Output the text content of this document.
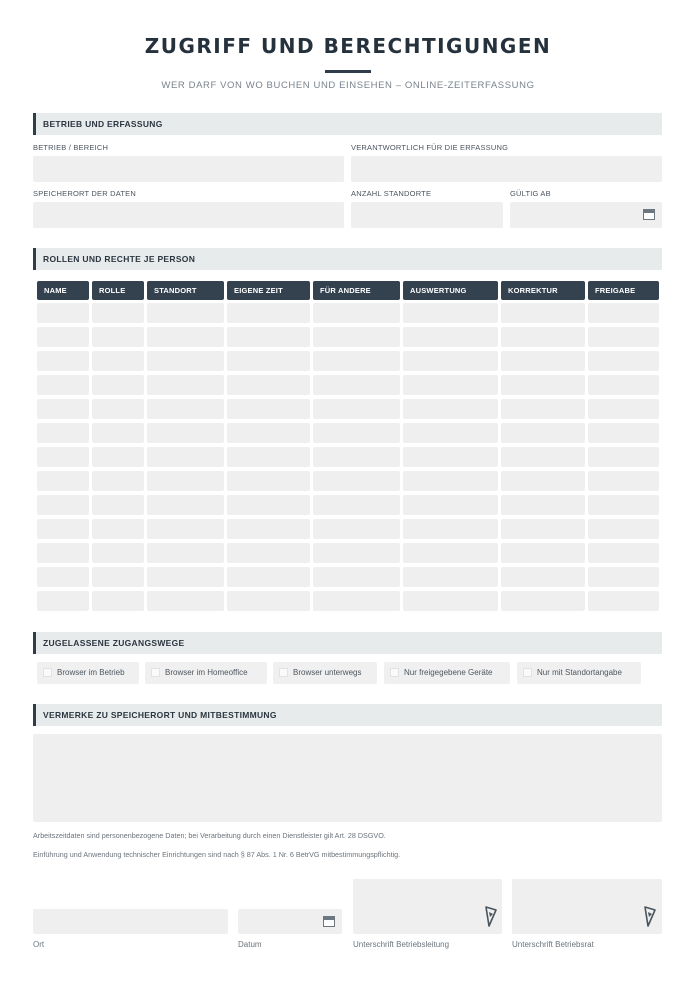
ZUGRIFF UND BERECHTIGUNGEN
WER DARF VON WO BUCHEN UND EINSEHEN – ONLINE-ZEITERFASSUNG
BETRIEB UND ERFASSUNG
BETRIEB / BEREICH	VERANTWORTLICH FÜR DIE ERFASSUNG
SPEICHERORT DER DATEN	ANZAHL STANDORTE	GÜLTIG AB
ROLLEN UND RECHTE JE PERSON
NAME	ROLLE	STANDORT	EIGENE ZEIT	FÜR ANDERE	AUSWERTUNG	KORREKTUR	FREIGABE
ZUGELASSENE ZUGANGSWEGE
Browser im Betrieb	Browser im Homeoffice	Browser unterwegs	Nur freigegebene Geräte	Nur mit Standortangabe
VERMERKE ZU SPEICHERORT UND MITBESTIMMUNG
Arbeitszeitdaten sind personenbezogene Daten; bei Verarbeitung durch einen Dienstleister gilt Art. 28 DSGVO.
Einführung und Anwendung technischer Einrichtungen sind nach § 87 Abs. 1 Nr. 6 BetrVG mitbestimmungspflichtig.
Ort	Datum	Unterschrift Betriebsleitung	Unterschrift Betriebsrat
